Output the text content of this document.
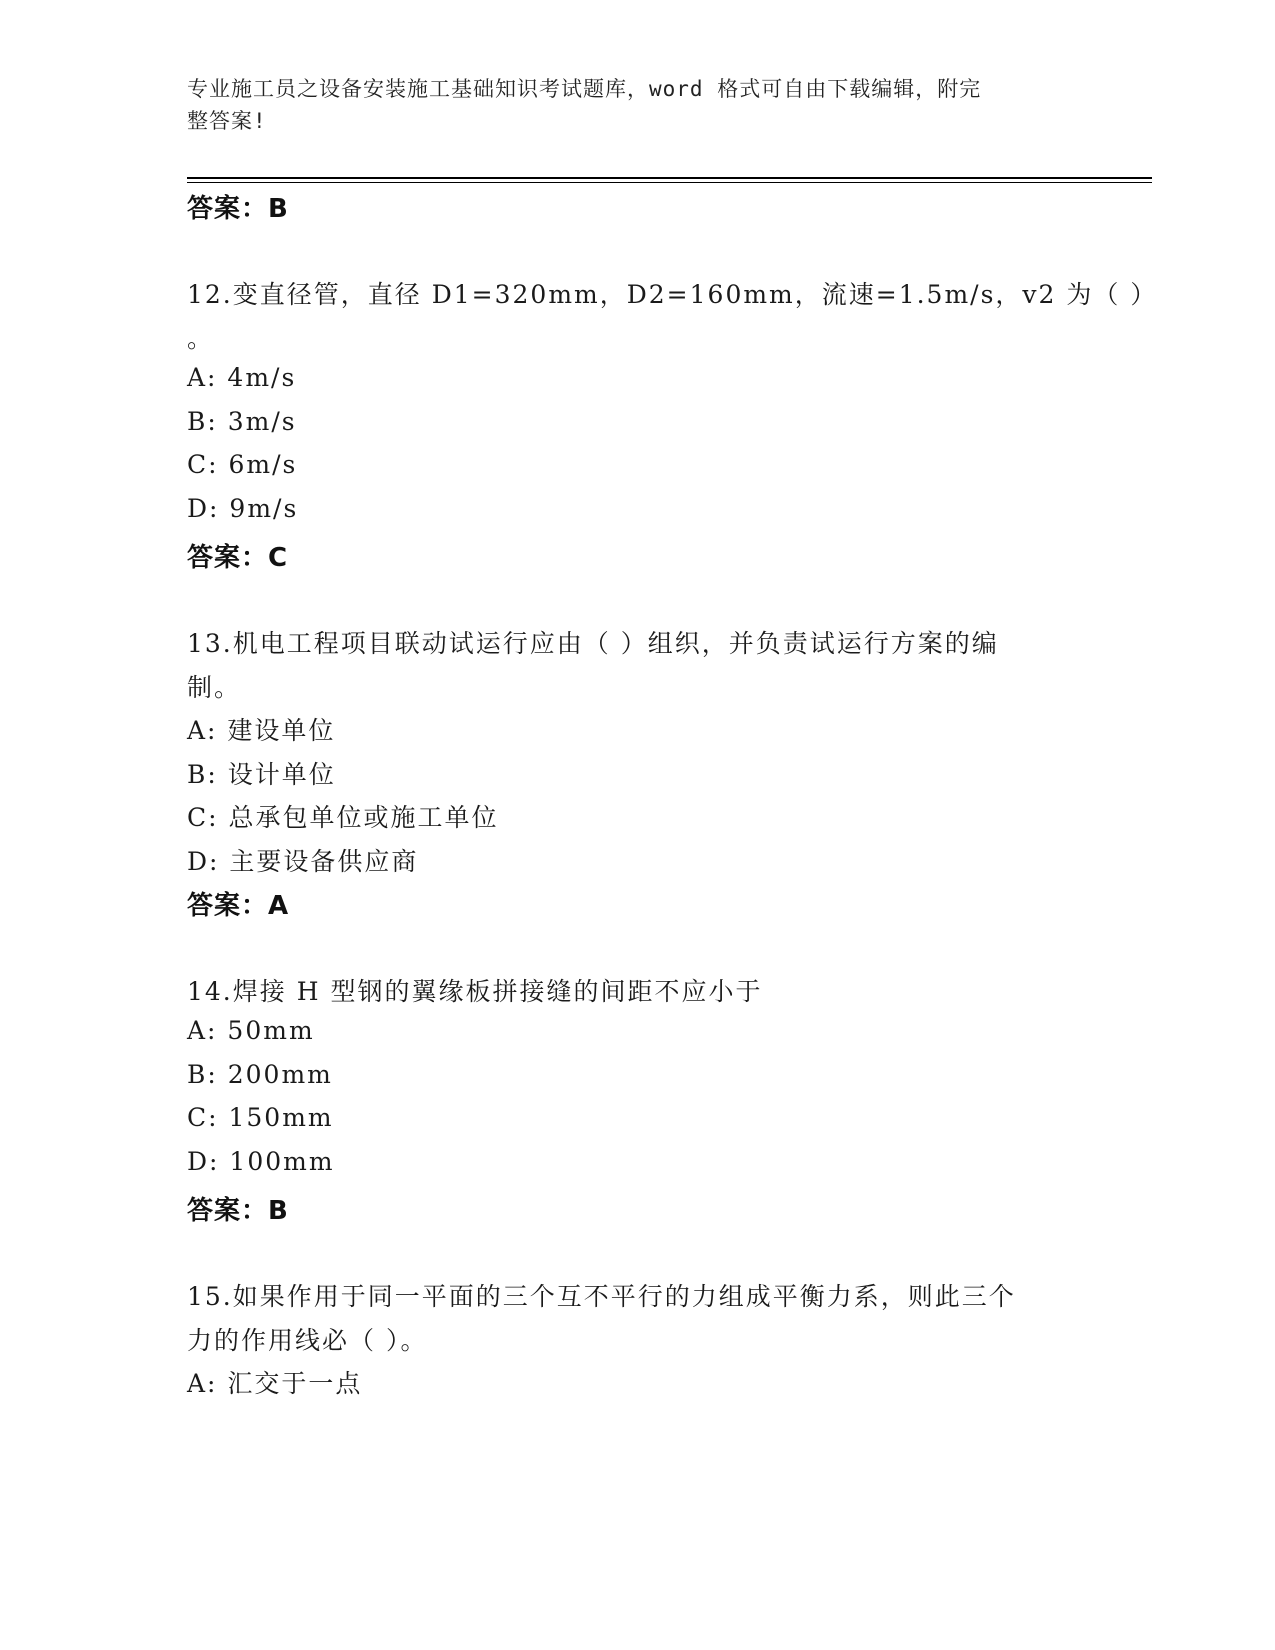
专业施工员之设备安装施工基础知识考试题库，word 格式可自由下载编辑，附完
整答案!
答案：B
12.变直径管，直径 D1=320mm，D2=160mm，流速=1.5m/s，v2 为（ ）
。
A: 4m/s
B: 3m/s
C: 6m/s
D: 9m/s
答案：C
13.机电工程项目联动试运行应由（ ）组织，并负责试运行方案的编
制。
A: 建设单位
B: 设计单位
C: 总承包单位或施工单位
D: 主要设备供应商
答案：A
14.焊接 H 型钢的翼缘板拼接缝的间距不应小于
A: 50mm
B: 200mm
C: 150mm
D: 100mm
答案：B
15.如果作用于同一平面的三个互不平行的力组成平衡力系，则此三个
力的作用线必（ ）。
A: 汇交于一点
